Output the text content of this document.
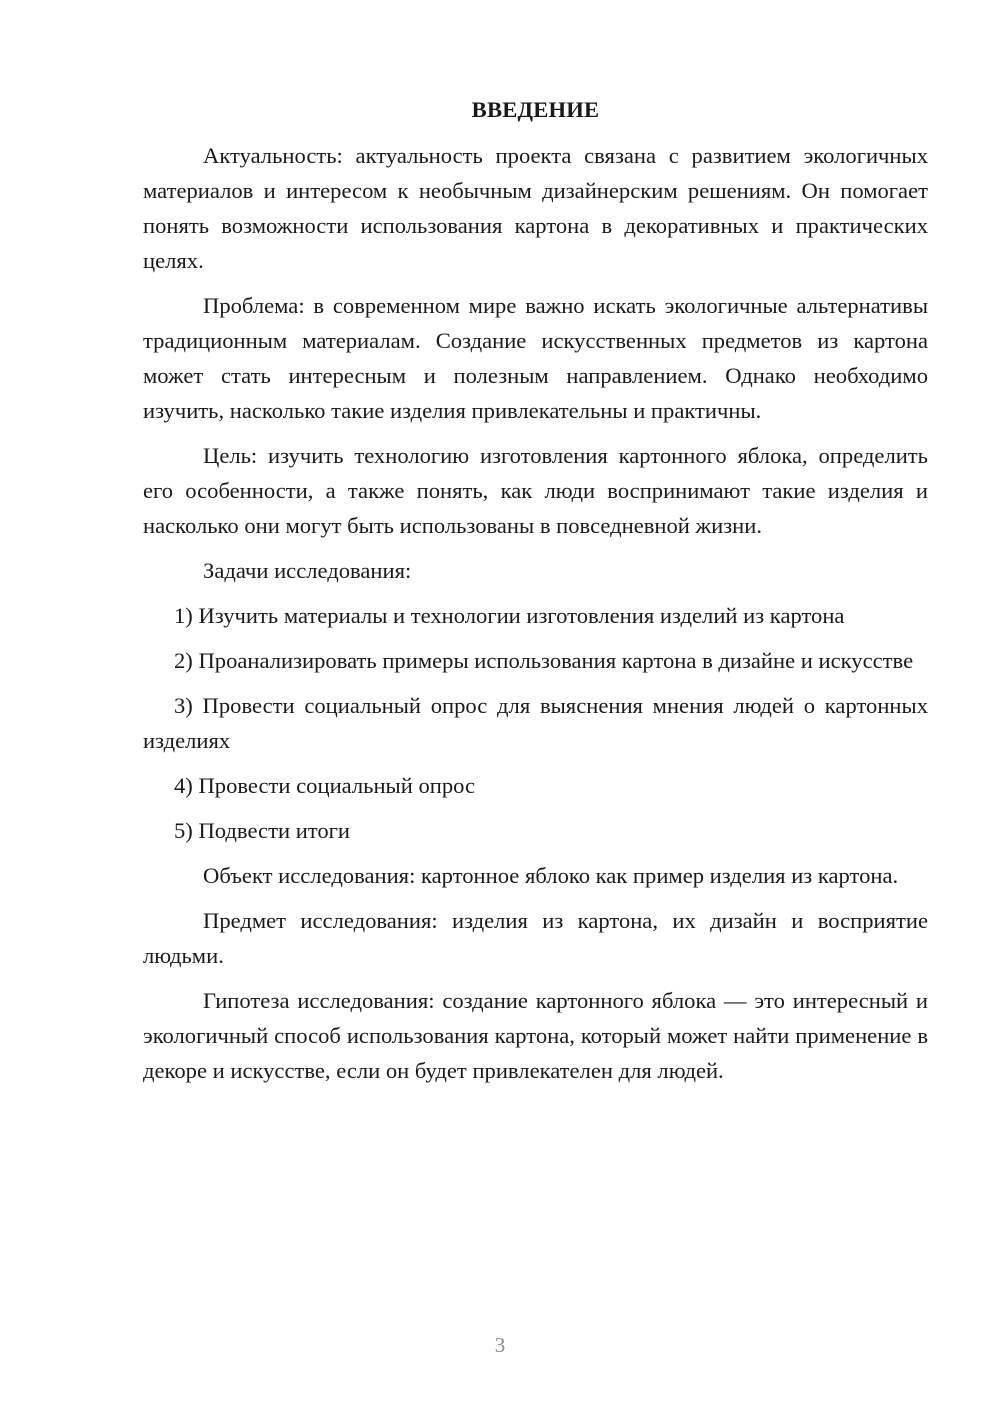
ВВЕДЕНИЕ

Актуальность: актуальность проекта связана с развитием экологичных материалов и интересом к необычным дизайнерским решениям. Он помогает понять возможности использования картона в декоративных и практических целях.

Проблема: в современном мире важно искать экологичные альтернативы традиционным материалам. Создание искусственных предметов из картона может стать интересным и полезным направлением. Однако необходимо изучить, насколько такие изделия привлекательны и практичны.

Цель: изучить технологию изготовления картонного яблока, определить его особенности, а также понять, как люди воспринимают такие изделия и насколько они могут быть использованы в повседневной жизни.

Задачи исследования:

1) Изучить материалы и технологии изготовления изделий из картона

2) Проанализировать примеры использования картона в дизайне и искусстве

3) Провести социальный опрос для выяснения мнения людей о картонных изделиях

4) Провести социальный опрос

5) Подвести итоги

Объект исследования: картонное яблоко как пример изделия из картона.

Предмет исследования: изделия из картона, их дизайн и восприятие людьми.

Гипотеза исследования: создание картонного яблока — это интересный и экологичный способ использования картона, который может найти применение в декоре и искусстве, если он будет привлекателен для людей.

3
